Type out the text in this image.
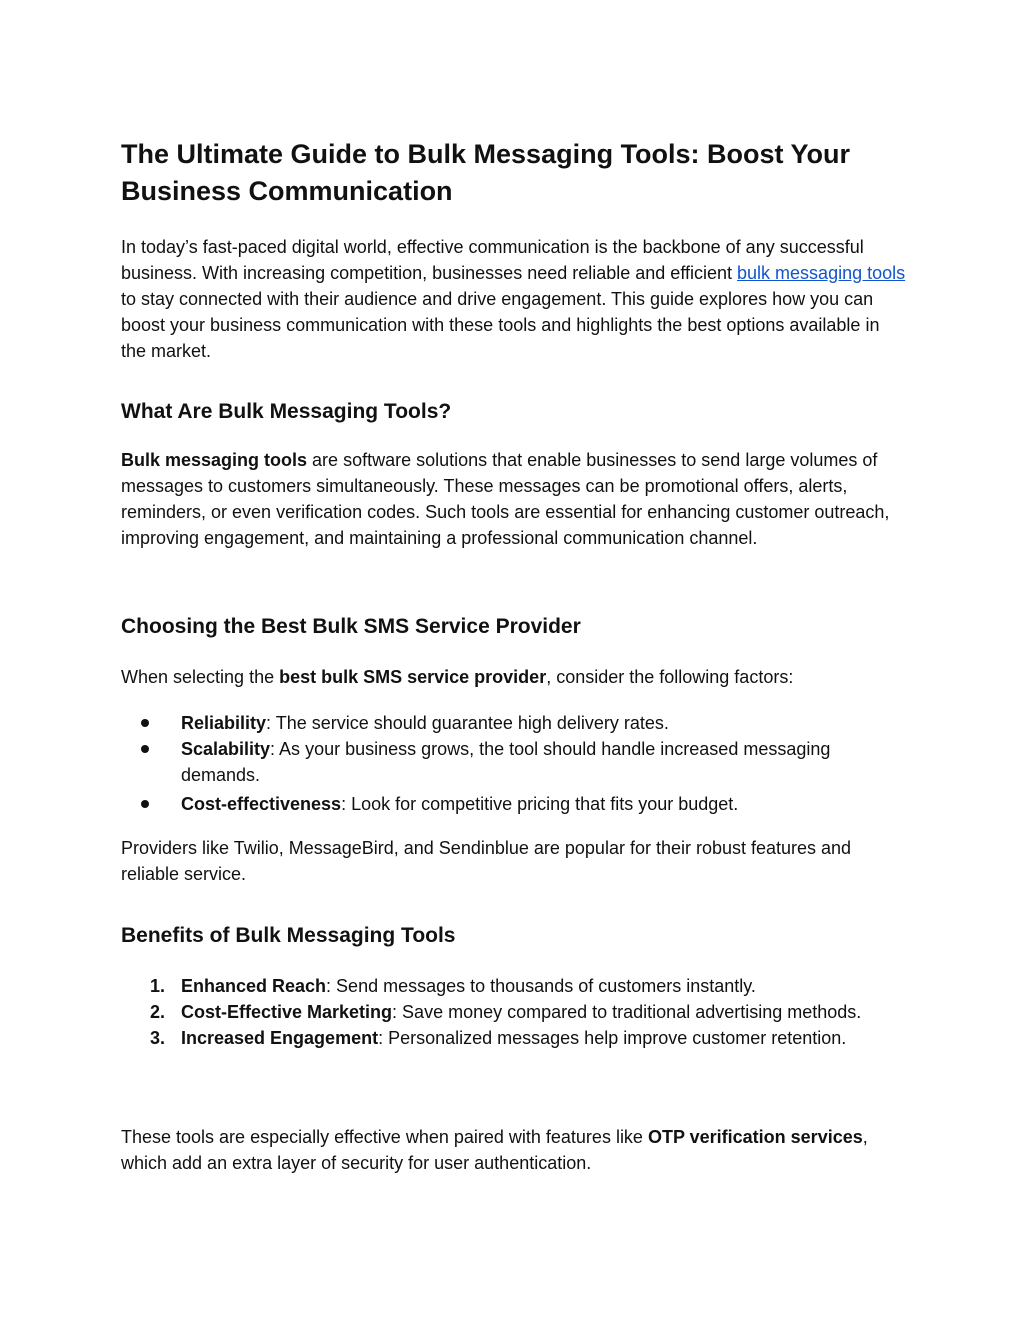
The Ultimate Guide to Bulk Messaging Tools: Boost Your Business Communication

In today’s fast-paced digital world, effective communication is the backbone of any successful business. With increasing competition, businesses need reliable and efficient bulk messaging tools to stay connected with their audience and drive engagement. This guide explores how you can boost your business communication with these tools and highlights the best options available in the market.

What Are Bulk Messaging Tools?

Bulk messaging tools are software solutions that enable businesses to send large volumes of messages to customers simultaneously. These messages can be promotional offers, alerts, reminders, or even verification codes. Such tools are essential for enhancing customer outreach, improving engagement, and maintaining a professional communication channel.

Choosing the Best Bulk SMS Service Provider

When selecting the best bulk SMS service provider, consider the following factors:

Reliability: The service should guarantee high delivery rates.
Scalability: As your business grows, the tool should handle increased messaging demands.
Cost-effectiveness: Look for competitive pricing that fits your budget.

Providers like Twilio, MessageBird, and Sendinblue are popular for their robust features and reliable service.

Benefits of Bulk Messaging Tools
1. Enhanced Reach: Send messages to thousands of customers instantly.
2. Cost-Effective Marketing: Save money compared to traditional advertising methods.
3. Increased Engagement: Personalized messages help improve customer retention.

These tools are especially effective when paired with features like OTP verification services, which add an extra layer of security for user authentication.
